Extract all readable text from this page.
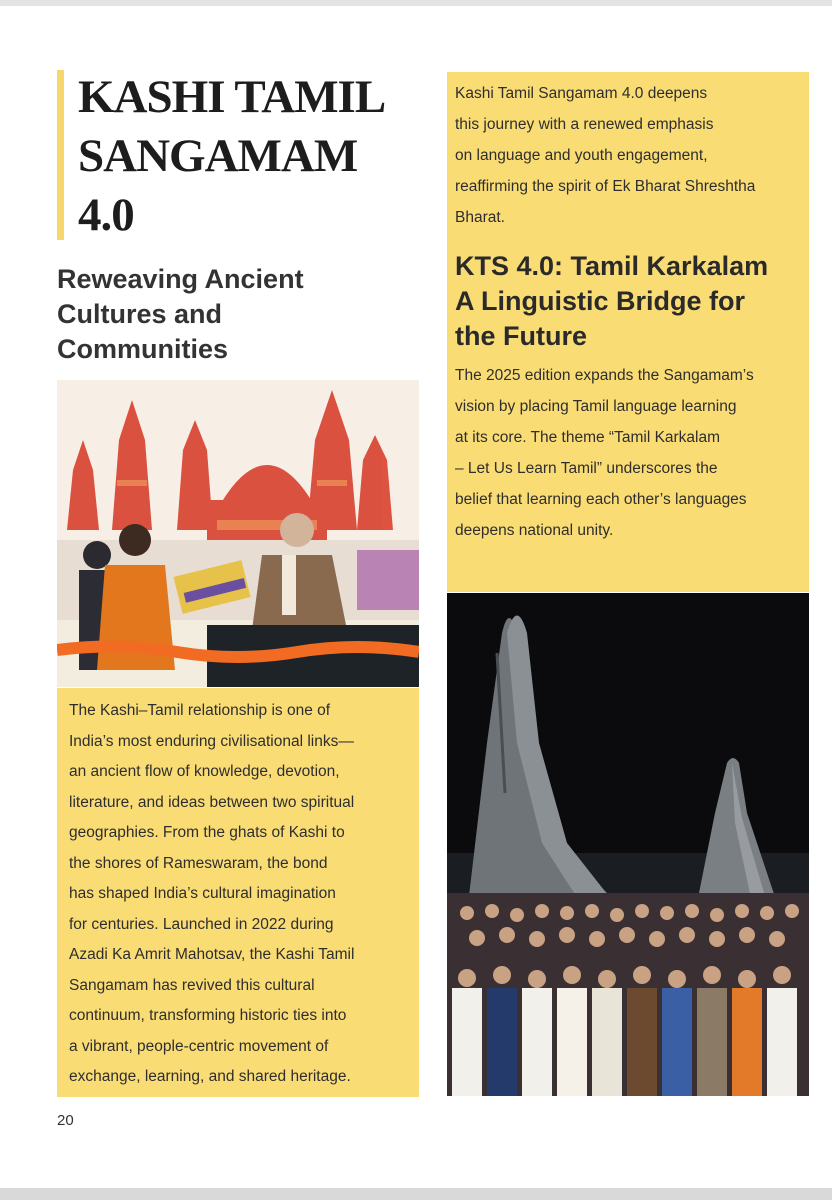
KASHI TAMIL
SANGAMAM
4.0
Reweaving Ancient
Cultures and
Communities
The Kashi–Tamil relationship is one of
India’s most enduring civilisational links—
an ancient flow of knowledge, devotion,
literature, and ideas between two spiritual
geographies. From the ghats of Kashi to
the shores of Rameswaram, the bond
has shaped India’s cultural imagination
for centuries. Launched in 2022 during
Azadi Ka Amrit Mahotsav, the Kashi Tamil
Sangamam has revived this cultural
continuum, transforming historic ties into
a vibrant, people-centric movement of
exchange, learning, and shared heritage.
Kashi Tamil Sangamam 4.0 deepens
this journey with a renewed emphasis
on language and youth engagement,
reaffirming the spirit of Ek Bharat Shreshtha
Bharat.
KTS 4.0: Tamil Karkalam
A Linguistic Bridge for
the Future
The 2025 edition expands the Sangamam’s
vision by placing Tamil language learning
at its core. The theme “Tamil Karkalam
– Let Us Learn Tamil” underscores the
belief that learning each other’s languages
deepens national unity.
20
